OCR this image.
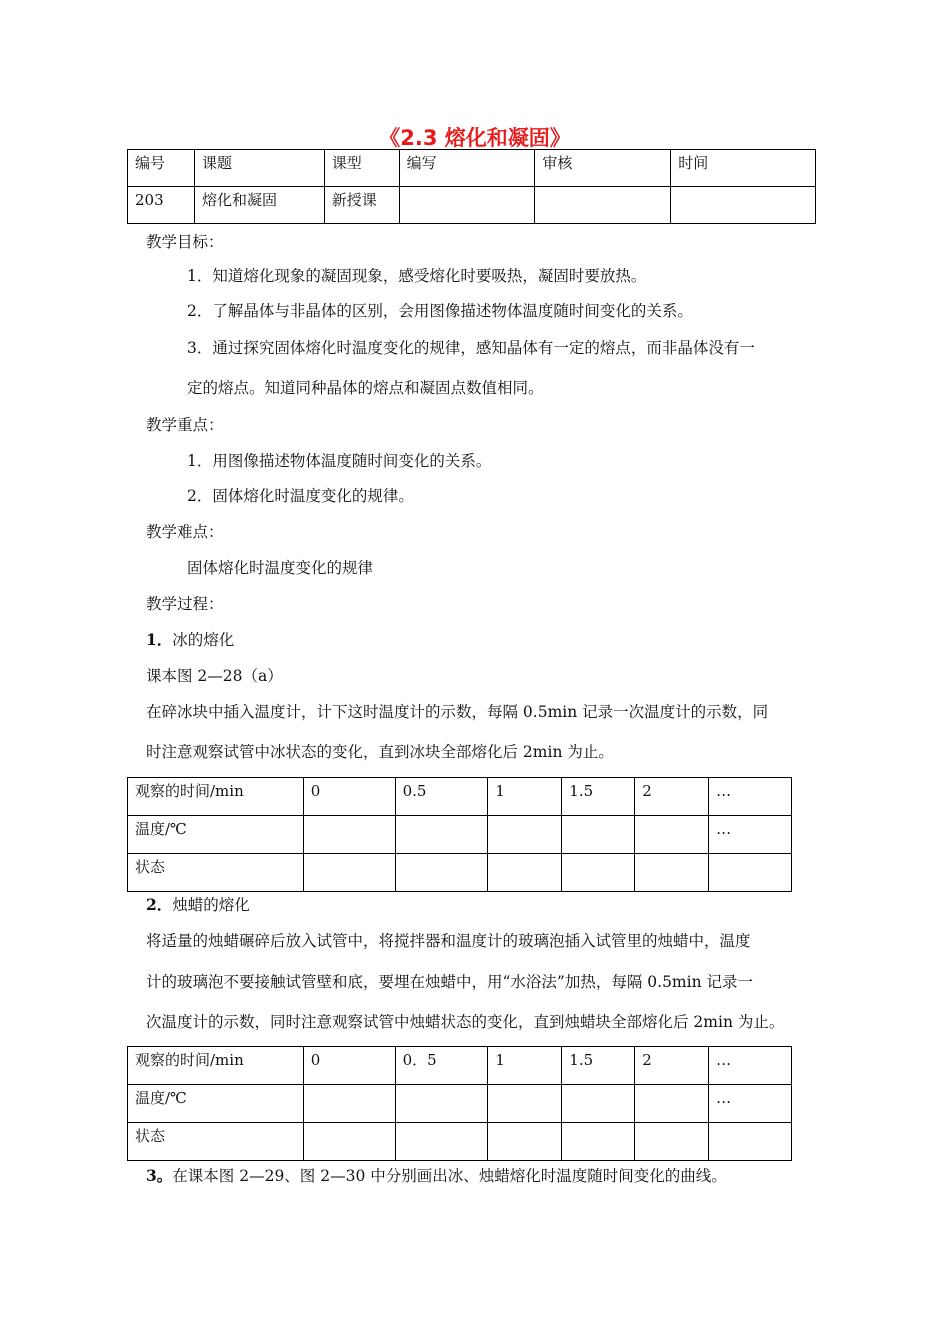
《2.3 熔化和凝固》
编号	课题	课型	编写	审核	时间
203	熔化和凝固	新授课			
教学目标：
1．知道熔化现象的凝固现象，感受熔化时要吸热，凝固时要放热。
2．了解晶体与非晶体的区别，会用图像描述物体温度随时间变化的关系。
3．通过探究固体熔化时温度变化的规律，感知晶体有一定的熔点，而非晶体没有一
定的熔点。知道同种晶体的熔点和凝固点数值相同。
教学重点：
1．用图像描述物体温度随时间变化的关系。
2．固体熔化时温度变化的规律。
教学难点：
固体熔化时温度变化的规律
教学过程：
1．冰的熔化
课本图 2—28（a）
在碎冰块中插入温度计，计下这时温度计的示数，每隔 0.5min 记录一次温度计的示数，同
时注意观察试管中冰状态的变化，直到冰块全部熔化后 2min 为止。
观察的时间/min	0	0.5	1	1.5	2	…
温度/℃						…
状态						
2．烛蜡的熔化
将适量的烛蜡碾碎后放入试管中，将搅拌器和温度计的玻璃泡插入试管里的烛蜡中，温度
计的玻璃泡不要接触试管壁和底，要埋在烛蜡中，用“水浴法”加热，每隔 0.5min 记录一
次温度计的示数，同时注意观察试管中烛蜡状态的变化，直到烛蜡块全部熔化后 2min 为止。
观察的时间/min	0	0．5	1	1.5	2	…
温度/℃						…
状态						
3。在课本图 2—29、图 2—30 中分别画出冰、烛蜡熔化时温度随时间变化的曲线。
